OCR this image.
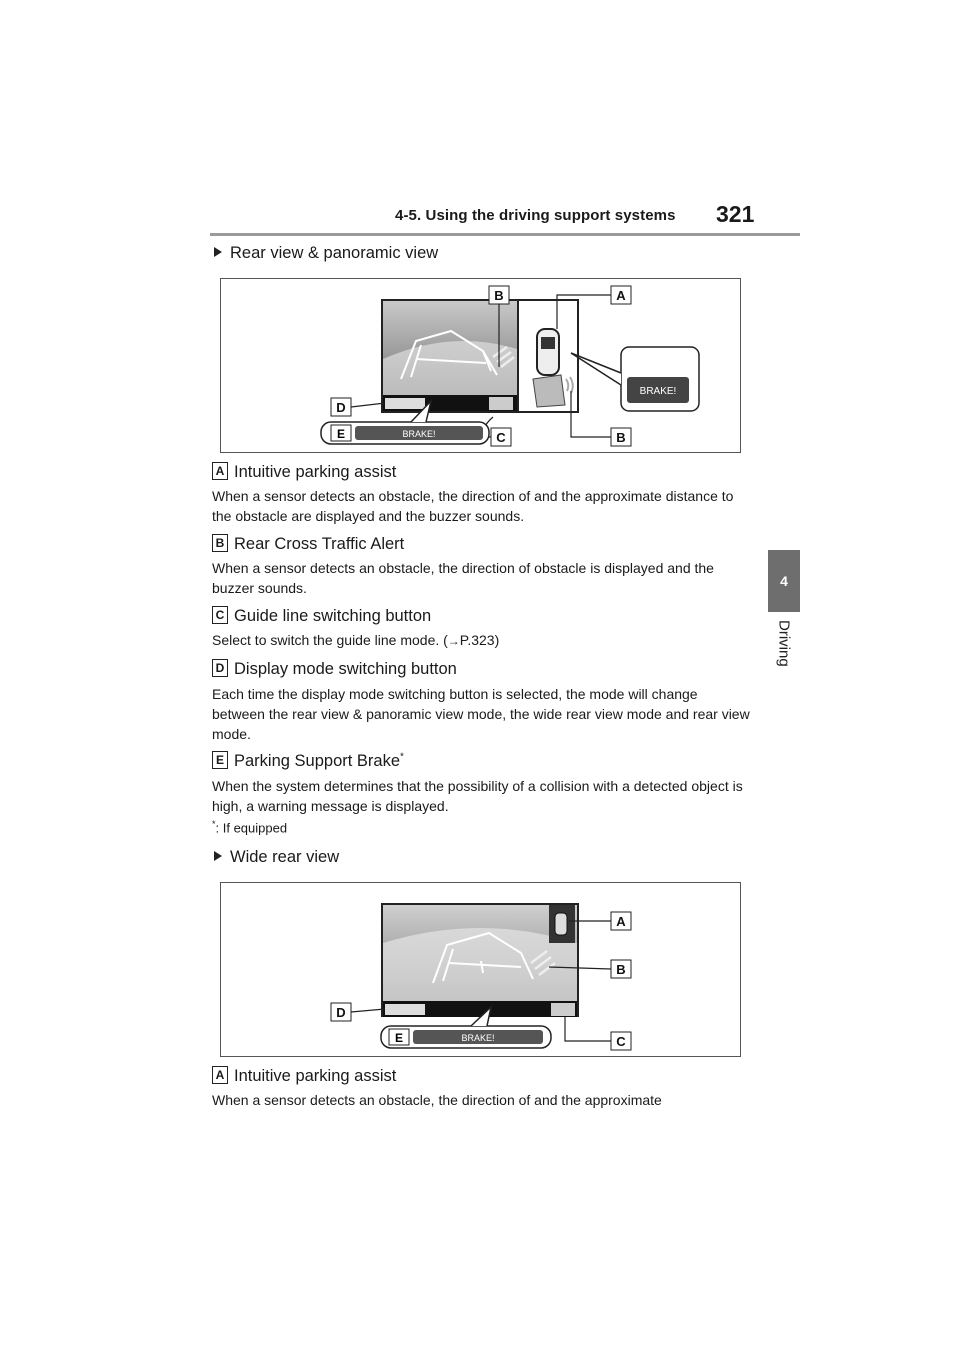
4-5. Using the driving support systems 321
4
Driving
Rear view & panoramic view
B	A
B
C
D
BRAKE!
E	BRAKE!
A Intuitive parking assist
When a sensor detects an obstacle, the direction of and the approximate distance to the obstacle are displayed and the buzzer sounds.
B Rear Cross Traffic Alert
When a sensor detects an obstacle, the direction of obstacle is displayed and the buzzer sounds.
C Guide line switching button
Select to switch the guide line mode. (→P.323)
D Display mode switching button
Each time the display mode switching button is selected, the mode will change between the rear view & panoramic view mode, the wide rear view mode and rear view mode.
E Parking Support Brake*
When the system determines that the possibility of a collision with a detected object is high, a warning message is displayed.
*: If equipped
Wide rear view
A
B
C
D
E	BRAKE!
A Intuitive parking assist
When a sensor detects an obstacle, the direction of and the approximate
